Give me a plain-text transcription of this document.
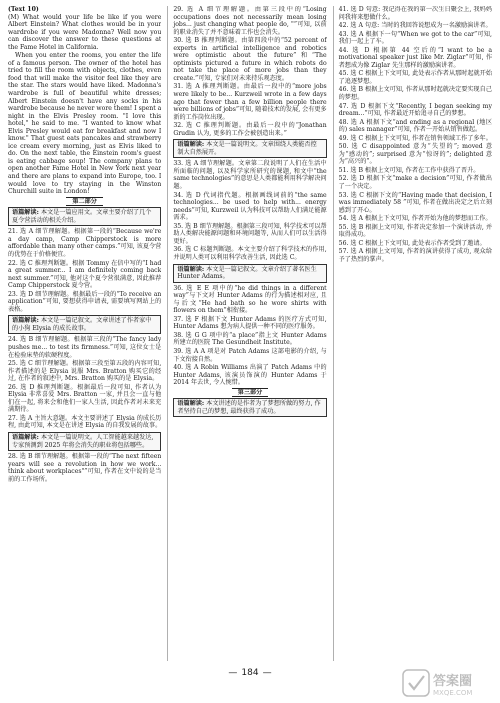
(Text 10)

(M) What would your life be like if you were Albert Einstein? What clothes would be in your wardrobe if you were Madonna? Well now you can discover the answer to these questions at the Fame Hotel in California.

When you enter the rooms, you enter the life of a famous person. The owner of the hotel has tried to fill the room with objects, clothes, even food that will make the visitor feel like they are the star. The stars would have liked. Madonna's wardrobe is full of beautiful white dresses; Albert Einstein doesn't have any socks in his wardrobe because he never wore them! I spent a night in the Elvis Presley room. "I love this hotel," he said to me. "I wanted to know what Elvis Presley would eat for breakfast and now I know." That guest eats pancakes and strawberry ice cream every morning, just as Elvis liked to do. On the next table, the Einstein room's guest is eating cabbage soup! The company plans to open another Fame Hotel in New York next year and there are plans to expand into Europe, too. I would love to try staying in the Winston Churchill suite in London!

第二部分
语篇解读: 本文是一篇应用文。文章主要介绍了几个夏令营活动的相关介绍。

21. 选 A 细节理解题。根据第一段的“Because we're a day camp, Camp Chipperstock is more affordable than many other camps.”可知, 该夏令营的优势在于价格便宜。

22. 选 C 推理判断题。根据 Tommy 在信中写的“I had a great summer... I am definitely coming back next summer.”可知, 他对这个夏令营很满意, 因此推荐 Camp Chipperstock 夏令营。

23. 选 D 细节理解题。根据最后一段的“To receive an application”可知, 要想获得申请表, 需要填写网站上的表格。

语篇解读: 本文是一篇记叙文。文章讲述了作者家中的小狗 Elysia 的成长故事。

24. 选 B 细节理解题。根据第三段的“The fancy lady pushes me... to test its firmness.”可知, 这位女士是在检验床垫的软硬程度。

25. 选 C 细节理解题。根据第三段至第五段的内容可知, 作者描述的是 Elysia 说服 Mrs. Bratton 购买它的经过, 在作者的叙述中, Mrs. Bratton 购买的是 Elysia。

26. 选 D 推理判断题。根据最后一段可知, 作者认为 Elysia 非常喜爱 Mrs. Bratton 一家, 并且会一直与他们在一起, 将来会和他们一家人生活, 因此作者对未来充满期待。

27. 选 A 主旨大意题。本文主要讲述了 Elysia 的成长历程, 由此可知, 本文是在讲述 Elysia 的自我发展的故事。

语篇解读: 本文是一篇说明文。人工智能越来越发达, 专家预测到 2025 年将会消失的职业将包括哪些。

28. 选 B 细节理解题。根据第一段的“The next fifteen years will see a revolution in how we work... think about workplaces"”可知, 作者在文中说的是当前的工作场所。

29. 选 A 细节理解题。由第三段中的“Losing occupations does not necessarily mean losing jobs... just changing what people do, "”可知, 以前的职业消失了并不意味着工作也会消失。

30. 选 B 推理判断题。由第四段中的“52 percent of experts in artificial intelligence and robotics were optimistic about the future”和“The optimists pictured a future in which robots do not take the place of more jobs than they create.”可知, 专家们对未来持乐观态度。

31. 选 A 推理判断题。由最后一段中的“more jobs were likely to be... Kurzweil wrote in a few days ago that fewer than a few billion people there were billions of jobs”可知, 随着技术的发展, 会有更多新的工作岗位出现。

32. 选 C 推理判断题。由最后一段中的“Jonathan Grudin 认为, 更多的工作会被创造出来。”

语篇解读: 本文是一篇说明文。文章围绕人类能否控制大自然展开。

33. 选 A 细节理解题。文章第二段说明了人们在生活中所面临的问题, 以及科学家所研究的课题, 和文中“the same technologies”的意思是人类都能利用科学解决问题。

34. 选 D 代词指代题。根据画线词前的“the same technologies... be used to help with... energy needs”可知, Kurzweil 认为科技可以帮助人们满足能源需求。

35. 选 B 细节理解题。根据第三段可知, 科学技术可以帮助人类解决能源问题和环境问题等, 从而人们可以生活得更好。

36. 选 C 标题判断题。本文主要介绍了科学技术的作用, 并说明人类可以利用科学改善生活, 因此选 C。

语篇解读: 本文是一篇记叙文。文章介绍了著名医生 Hunter Adams。

36. 选 E E 项中的“he did things in a different way”与下文对 Hunter Adams 的行为描述相对应, 且与后文“He had bath so he wore shirts with flowers on them”相衔接。

37. 选 F 根据下文 Hunter Adams 的医疗方式可知, Hunter Adams 想为病人提供一种不同的医疗服务。

38. 选 G G 项中的“a place”指上文 Hunter Adams 所建立的医院 The Gesundheit Institute。

39. 选 A A 项是对 Patch Adams 这部电影的介绍, 与下文衔接自然。

40. 选 A Robin Williams 出演了 Patch Adams 中的 Hunter Adams, 该演员饰演的 Hunter Adams 于 2014 年去世, 令人惋惜。

第三部分
语篇解读: 本文讲述的是作者为了梦想所做的努力, 作者坚持自己的梦想, 最终获得了成功。

41. 选 D 句意: 我记得在我的第一次生日聚会上, 我妈妈问我将来想做什么。

42. 选 A 句意: 当时的我回答说想成为一名激励演讲者。

43. 选 A 根据下一句“When we got to the car”可知, 我们一起上了车。

44. 选 D 根据第 44 空后的“I want to be a motivational speaker just like Mr. Ziglar”可知, 作者想成为像 Ziglar 先生那样的激励演讲者。

45. 选 C 根据上下文可知, 此处表示作者从那时起就开始了追逐梦想。

46. 选 B 根据上文可知, 作者从那时起就决定要实现自己的梦想。

47. 选 D 根据下文“Recently, I began seeking my dream...”可知, 作者最近开始追寻自己的梦想。

48. 选 A 根据下文“and ending as a regional (地区的) sales manager”可知, 作者一开始从销售做起。

49. 选 C 根据上下文可知, 作者在销售领域工作了多年。

50. 选 C disappointed 意为“失望的”; moved 意为“感动的”; surprised 意为“惊讶的”; delighted 意为“高兴的”。

51. 选 B 根据上文可知, 作者在工作中获得了晋升。

52. 选 D 根据下文“make a decision”可知, 作者做出了一个决定。

53. 选 C 根据下文的“Having made that decision, I was immediately 58 ”可知, 作者在做出决定之后立刻感到了开心。

54. 选 A 根据上下文可知, 作者开始为他的梦想而工作。

55. 选 B 根据上文可知, 作者决定参加一个演讲活动, 并取得成功。

56. 选 C 根据上下文可知, 此处表示作者受到了邀请。

57. 选 A 根据上文可知, 作者的演讲获得了成功, 观众给予了热烈的掌声。

— 184 —
答案圈
MXQE.COM
